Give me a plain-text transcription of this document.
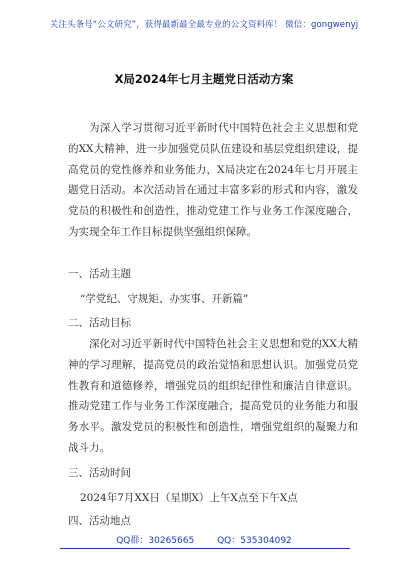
关注头条号“公文研究”，获得最新最全最专业的公文资料库！ 微信：gongwenyj
X局2024年七月主题党日活动方案
为深入学习贯彻习近平新时代中国特色社会主义思想和党的XX大精神，进一步加强党员队伍建设和基层党组织建设，提高党员的党性修养和业务能力，X局决定在2024年七月开展主题党日活动。本次活动旨在通过丰富多彩的形式和内容，激发党员的积极性和创造性，推动党建工作与业务工作深度融合，为实现全年工作目标提供坚强组织保障。
一、活动主题
“学党纪、守规矩、办实事、开新篇”
二、活动目标
深化对习近平新时代中国特色社会主义思想和党的XX大精神的学习理解，提高党员的政治觉悟和思想认识。加强党员党性教育和道德修养，增强党员的组织纪律性和廉洁自律意识。推动党建工作与业务工作深度融合，提高党员的业务能力和服务水平。激发党员的积极性和创造性，增强党组织的凝聚力和战斗力。
三、活动时间
2024年7月XX日（星期X）上午X点至下午X点
四、活动地点
QQ群：30265665	QQ：535304092
